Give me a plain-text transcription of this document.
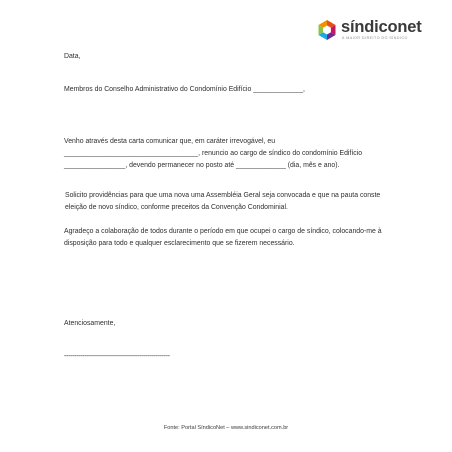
síndiconet
A MAIOR DIREITO DO SÍNDICO

Data,

Membros do Conselho Administrativo do Condomínio Edifício _____________,

Venho através desta carta comunicar que, em caráter irrevogável, eu ___________________________________, renuncio ao cargo de síndico do condomínio Edifício ________________, devendo permanecer no posto até _____________ (dia, mês e ano).

Solicito providências para que uma nova uma Assembléia Geral seja convocada e que na pauta conste eleição de novo síndico, conforme preceitos da Convenção Condominial.

Agradeço a colaboração de todos durante o período em que ocupei o cargo de síndico, colocando-me à disposição para todo e qualquer esclarecimento que se fizerem necessário.

Atenciosamente,

-----------------------------------------------------

Fonte: Portal SíndicoNet – www.sindiconet.com.br
